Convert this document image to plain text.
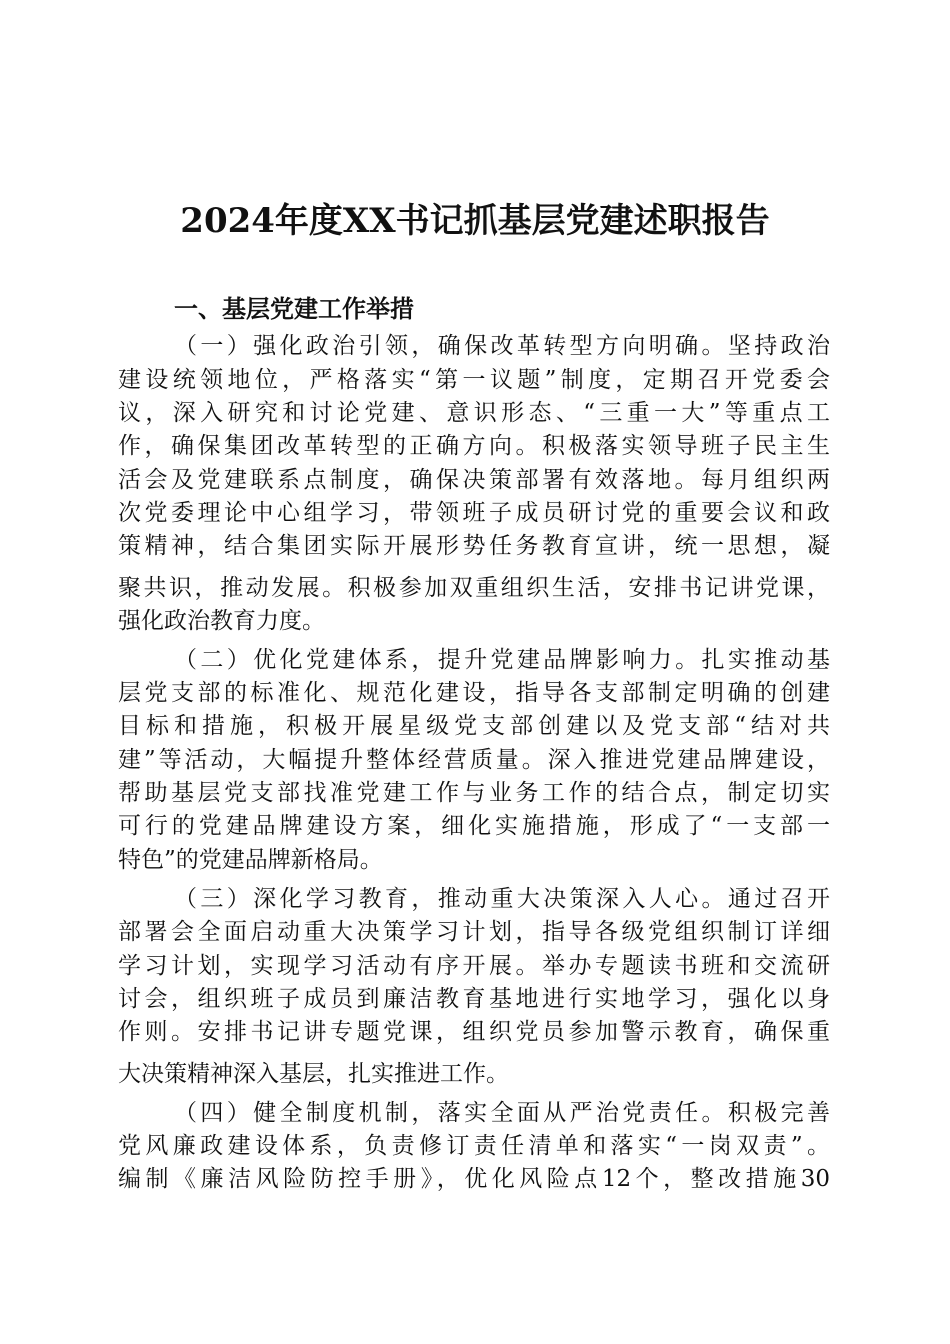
2024年度XX书记抓基层党建述职报告
一、基层党建工作举措
（一）强化政治引领，确保改革转型方向明确。坚持政治
建设统领地位，严格落实“第一议题”制度，定期召开党委会
议，深入研究和讨论党建、意识形态、“三重一大”等重点工
作，确保集团改革转型的正确方向。积极落实领导班子民主生
活会及党建联系点制度，确保决策部署有效落地。每月组织两
次党委理论中心组学习，带领班子成员研讨党的重要会议和政
策精神，结合集团实际开展形势任务教育宣讲，统一思想，凝
聚共识，推动发展。积极参加双重组织生活，安排书记讲党课，
强化政治教育力度。
（二）优化党建体系，提升党建品牌影响力。扎实推动基
层党支部的标准化、规范化建设，指导各支部制定明确的创建
目标和措施，积极开展星级党支部创建以及党支部“结对共
建”等活动，大幅提升整体经营质量。深入推进党建品牌建设，
帮助基层党支部找准党建工作与业务工作的结合点，制定切实
可行的党建品牌建设方案，细化实施措施，形成了“一支部一
特色”的党建品牌新格局。
（三）深化学习教育，推动重大决策深入人心。通过召开
部署会全面启动重大决策学习计划，指导各级党组织制订详细
学习计划，实现学习活动有序开展。举办专题读书班和交流研
讨会，组织班子成员到廉洁教育基地进行实地学习，强化以身
作则。安排书记讲专题党课，组织党员参加警示教育，确保重
大决策精神深入基层，扎实推进工作。
（四）健全制度机制，落实全面从严治党责任。积极完善
党风廉政建设体系，负责修订责任清单和落实“一岗双责”。
编制《廉洁风险防控手册》，优化风险点12个，整改措施30
